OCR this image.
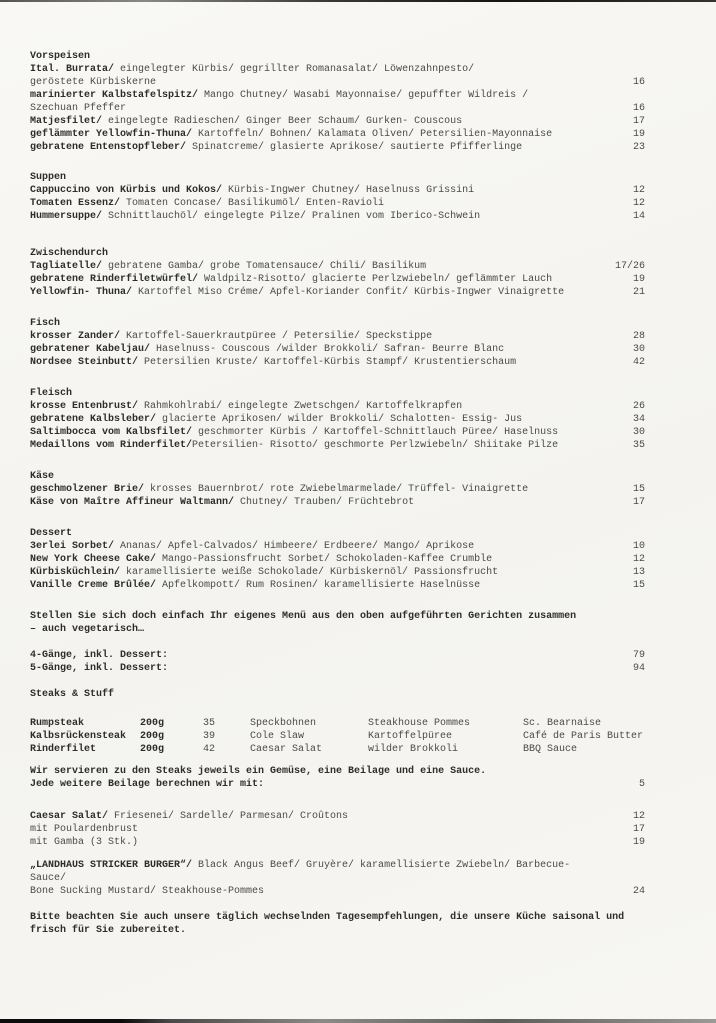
Vorspeisen
Ital. Burrata/ eingelegter Kürbis/ gegrillter Romanasalat/ Löwenzahnpesto/
geröstete Kürbiskerne	16
marinierter Kalbstafelspitz/ Mango Chutney/ Wasabi Mayonnaise/ gepuffter Wildreis /
Szechuan Pfeffer	16
Matjesfilet/ eingelegte Radieschen/ Ginger Beer Schaum/ Gurken- Couscous	17
geflämmter Yellowfin-Thuna/ Kartoffeln/ Bohnen/ Kalamata Oliven/ Petersilien-Mayonnaise	19
gebratene Entenstopfleber/ Spinatcreme/ glasierte Aprikose/ sautierte Pfifferlinge	23
Suppen
Cappuccino von Kürbis und Kokos/ Kürbis-Ingwer Chutney/ Haselnuss Grissini	12
Tomaten Essenz/ Tomaten Concase/ Basilikumöl/ Enten-Ravioli	12
Hummersuppe/ Schnittlauchöl/ eingelegte Pilze/ Pralinen vom Iberico-Schwein	14
Zwischendurch
Tagliatelle/ gebratene Gamba/ grobe Tomatensauce/ Chili/ Basilikum	17/26
gebratene Rinderfiletwürfel/ Waldpilz-Risotto/ glacierte Perlzwiebeln/ geflämmter Lauch	19
Yellowfin- Thuna/ Kartoffel Miso Créme/ Apfel-Koriander Confit/ Kürbis-Ingwer Vinaigrette	21
Fisch
krosser Zander/ Kartoffel-Sauerkrautpüree / Petersilie/ Speckstippe	28
gebratener Kabeljau/ Haselnuss- Couscous /wilder Brokkoli/ Safran- Beurre Blanc	30
Nordsee Steinbutt/ Petersilien Kruste/ Kartoffel-Kürbis Stampf/ Krustentierschaum	42
Fleisch
krosse Entenbrust/ Rahmkohlrabi/ eingelegte Zwetschgen/ Kartoffelkrapfen	26
gebratene Kalbsleber/ glacierte Aprikosen/ wilder Brokkoli/ Schalotten- Essig- Jus	34
Saltimbocca vom Kalbsfilet/ geschmorter Kürbis / Kartoffel-Schnittlauch Püree/ Haselnuss	30
Medaillons vom Rinderfilet/Petersilien- Risotto/ geschmorte Perlzwiebeln/ Shiitake Pilze	35
Käse
geschmolzener Brie/ krosses Bauernbrot/ rote Zwiebelmarmelade/ Trüffel- Vinaigrette	15
Käse von Maître Affineur Waltmann/ Chutney/ Trauben/ Früchtebrot	17
Dessert
3erlei Sorbet/ Ananas/ Apfel-Calvados/ Himbeere/ Erdbeere/ Mango/ Aprikose	10
New York Cheese Cake/ Mango-Passionsfrucht Sorbet/ Schokoladen-Kaffee Crumble	12
Kürbisküchlein/ karamellisierte weiße Schokolade/ Kürbiskernöl/ Passionsfrucht	13
Vanille Creme Brûlée/ Apfelkompott/ Rum Rosinen/ karamellisierte Haselnüsse	15
Stellen Sie sich doch einfach Ihr eigenes Menü aus den oben aufgeführten Gerichten zusammen
– auch vegetarisch…
4-Gänge, inkl. Dessert:	79
5-Gänge, inkl. Dessert:	94
Steaks & Stuff
Rumpsteak	200g	35	Speckbohnen	Steakhouse Pommes	Sc. Bearnaise
Kalbsrückensteak	200g	39	Cole Slaw	Kartoffelpüree	Café de Paris Butter
Rinderfilet	200g	42	Caesar Salat	wilder Brokkoli	BBQ Sauce
Wir servieren zu den Steaks jeweils ein Gemüse, eine Beilage und eine Sauce.
Jede weitere Beilage berechnen wir mit:	5
Caesar Salat/ Friesenei/ Sardelle/ Parmesan/ Croûtons	12
mit Poulardenbrust	17
mit Gamba (3 Stk.)	19
„LANDHAUS STRICKER BURGER“/ Black Angus Beef/ Gruyère/ karamellisierte Zwiebeln/ Barbecue-Sauce/
Bone Sucking Mustard/ Steakhouse-Pommes	24
Bitte beachten Sie auch unsere täglich wechselnden Tagesempfehlungen, die unsere Küche saisonal und
frisch für Sie zubereitet.
